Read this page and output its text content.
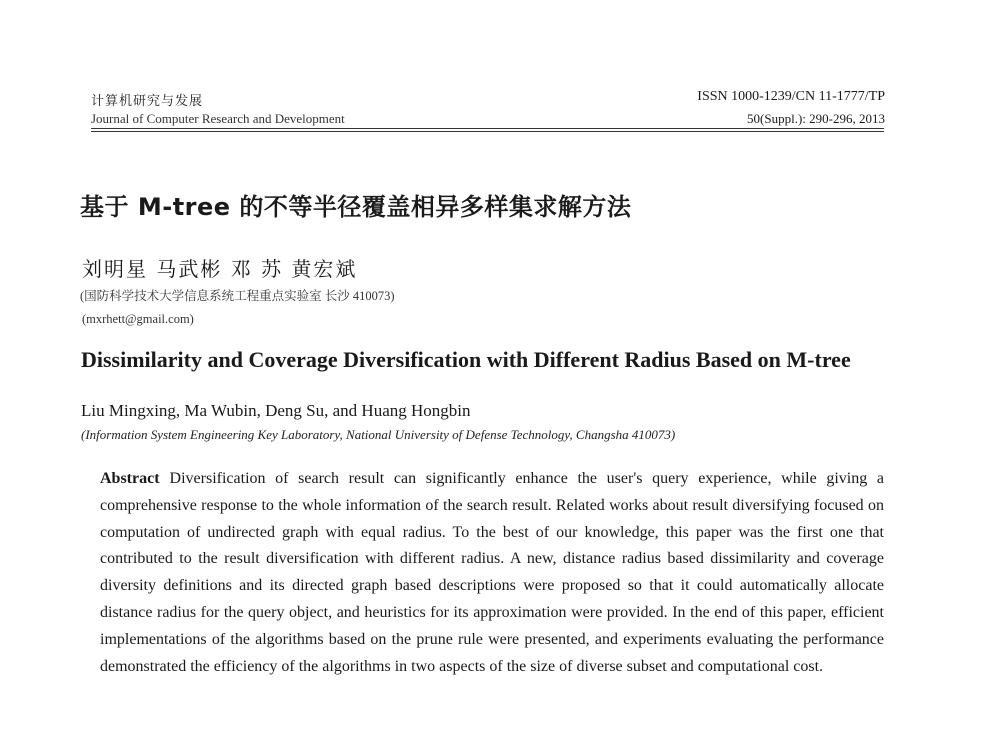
计算机研究与发展
Journal of Computer Research and Development
ISSN 1000-1239/CN 11-1777/TP
50(Suppl.): 290-296, 2013
基于 M-tree 的不等半径覆盖相异多样集求解方法
刘明星 马武彬 邓 苏 黄宏斌
(国防科学技术大学信息系统工程重点实验室 长沙 410073)
(mxrhett@gmail.com)
Dissimilarity and Coverage Diversification with Different Radius Based on M-tree
Liu Mingxing, Ma Wubin, Deng Su, and Huang Hongbin
(Information System Engineering Key Laboratory, National University of Defense Technology, Changsha 410073)
Abstract Diversification of search result can significantly enhance the user's query experience, while giving a comprehensive response to the whole information of the search result. Related works about result diversifying focused on computation of undirected graph with equal radius. To the best of our knowledge, this paper was the first one that contributed to the result diversification with different radius. A new, distance radius based dissimilarity and coverage diversity definitions and its directed graph based descriptions were proposed so that it could automatically allocate distance radius for the query object, and heuristics for its approximation were provided. In the end of this paper, efficient implementations of the algorithms based on the prune rule were presented, and experiments evaluating the performance demonstrated the efficiency of the algorithms in two aspects of the size of diverse subset and computational cost.
